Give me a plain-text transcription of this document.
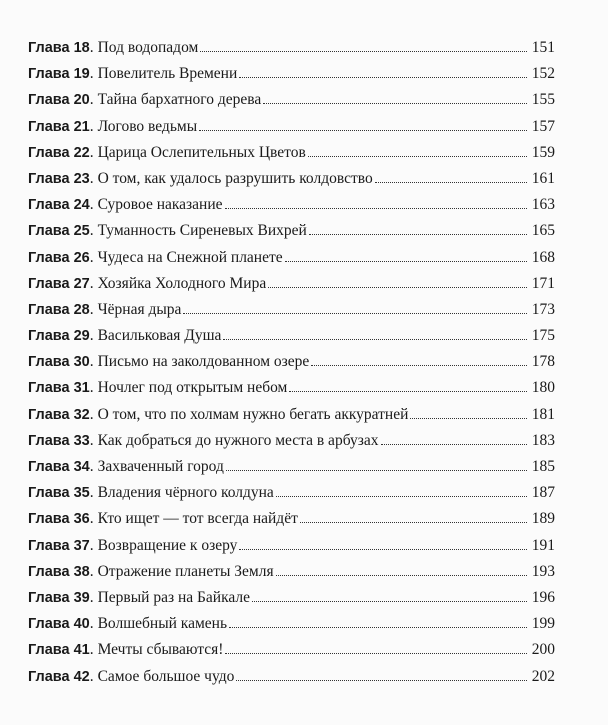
Глава 18 . Под водопадом	151
Глава 19 . Повелитель Времени	152
Глава 20 . Тайна бархатного дерева	155
Глава 21 . Логово ведьмы	157
Глава 22 . Царица Ослепительных Цветов	159
Глава 23 . О том, как удалось разрушить колдовство	161
Глава 24 . Суровое наказание	163
Глава 25 . Туманность Сиреневых Вихрей	165
Глава 26 . Чудеса на Снежной планете	168
Глава 27 . Хозяйка Холодного Мира	171
Глава 28 . Чёрная дыра	173
Глава 29 . Васильковая Душа	175
Глава 30 . Письмо на заколдованном озере	178
Глава 31 . Ночлег под открытым небом	180
Глава 32 . О том, что по холмам нужно бегать аккуратней	181
Глава 33 . Как добраться до нужного места в арбузах	183
Глава 34 . Захваченный город	185
Глава 35 . Владения чёрного колдуна	187
Глава 36 . Кто ищет — тот всегда найдёт	189
Глава 37 . Возвращение к озеру	191
Глава 38 . Отражение планеты Земля	193
Глава 39 . Первый раз на Байкале	196
Глава 40 . Волшебный камень	199
Глава 41 . Мечты сбываются!	200
Глава 42 . Самое большое чудо	202
